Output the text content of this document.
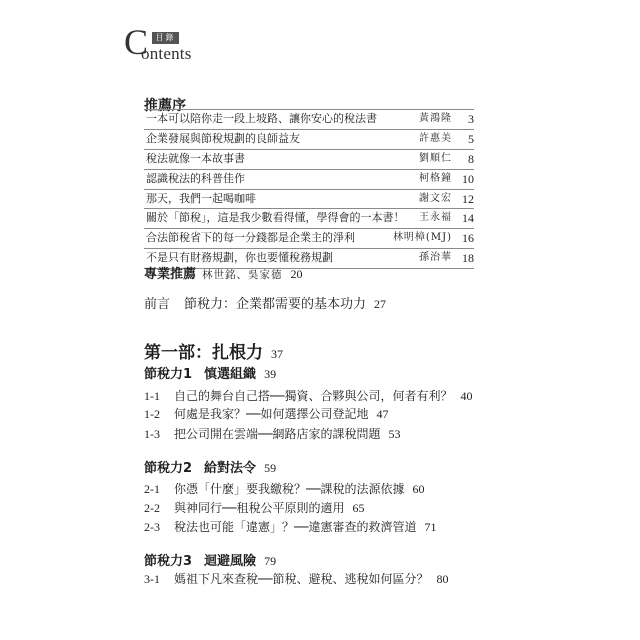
C 目錄
ontents
推薦序
一本可以陪你走一段上坡路、讓你安心的稅法書	黃鴻隆	3
企業發展與節稅規劃的良師益友	許惠美	5
稅法就像一本故事書	劉順仁	8
認識稅法的科普佳作	柯格鐘 10
那天，我們一起喝咖啡	謝文宏 12
關於「節稅」，這是我少數看得懂，學得會的一本書！ 王永福 14
合法節稅省下的每一分錢都是企業主的淨利	林明樟(MJ) 16
不是只有財務規劃，你也要懂稅務規劃	孫治華 18
專業推薦 林世銘、吳家德 20
前言 節稅力：企業都需要的基本功力 27
第一部：扎根力 37
節稅力1 慎選組織 39
1-1 自己的舞台自己搭──獨資、合夥與公司，何者有利？ 40
1-2 何處是我家？──如何選擇公司登記地 47
1-3 把公司開在雲端──網路店家的課稅問題 53
節稅力2 給對法令 59
2-1 你憑「什麼」要我繳稅？──課稅的法源依據 60
2-2 與神同行──租稅公平原則的適用 65
2-3 稅法也可能「違憲」？──違憲審查的救濟管道 71
節稅力3 迴避風險 79
3-1 媽祖下凡來查稅──節稅、避稅、逃稅如何區分？ 80
